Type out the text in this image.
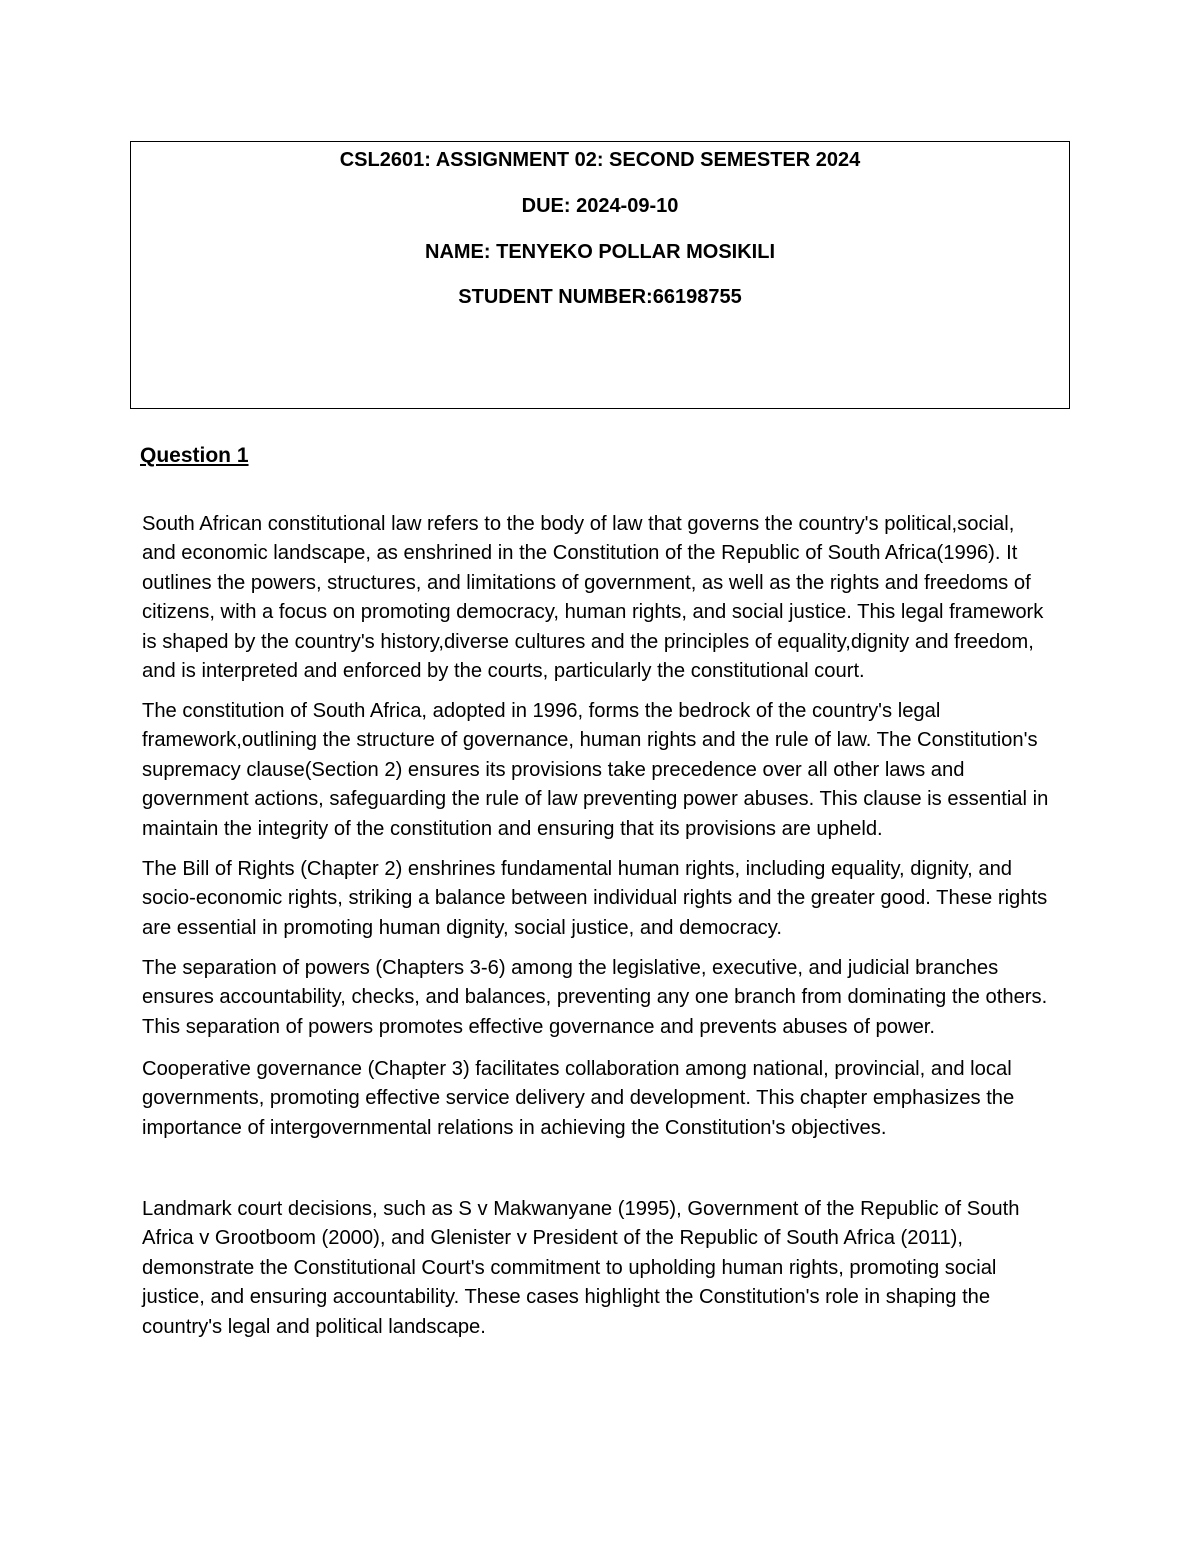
CSL2601: ASSIGNMENT 02: SECOND SEMESTER 2024
DUE: 2024-09-10
NAME: TENYEKO POLLAR MOSIKILI
STUDENT NUMBER:66198755
Question 1

South African constitutional law refers to the body of law that governs the country's political,social,
and economic landscape, as enshrined in the Constitution of the Republic of South Africa(1996). It
outlines the powers, structures, and limitations of government, as well as the rights and freedoms of
citizens, with a focus on promoting democracy, human rights, and social justice. This legal framework
is shaped by the country's history,diverse cultures and the principles of equality,dignity and freedom,
and is interpreted and enforced by the courts, particularly the constitutional court.

The constitution of South Africa, adopted in 1996, forms the bedrock of the country's legal
framework,outlining the structure of governance, human rights and the rule of law. The Constitution's
supremacy clause(Section 2) ensures its provisions take precedence over all other laws and
government actions, safeguarding the rule of law preventing power abuses. This clause is essential in
maintain the integrity of the constitution and ensuring that its provisions are upheld.

The Bill of Rights (Chapter 2) enshrines fundamental human rights, including equality, dignity, and
socio-economic rights, striking a balance between individual rights and the greater good. These rights
are essential in promoting human dignity, social justice, and democracy.

The separation of powers (Chapters 3-6) among the legislative, executive, and judicial branches
ensures accountability, checks, and balances, preventing any one branch from dominating the others.
This separation of powers promotes effective governance and prevents abuses of power.

Cooperative governance (Chapter 3) facilitates collaboration among national, provincial, and local
governments, promoting effective service delivery and development. This chapter emphasizes the
importance of intergovernmental relations in achieving the Constitution's objectives.

Landmark court decisions, such as S v Makwanyane (1995), Government of the Republic of South
Africa v Grootboom (2000), and Glenister v President of the Republic of South Africa (2011),
demonstrate the Constitutional Court's commitment to upholding human rights, promoting social
justice, and ensuring accountability. These cases highlight the Constitution's role in shaping the
country's legal and political landscape.
